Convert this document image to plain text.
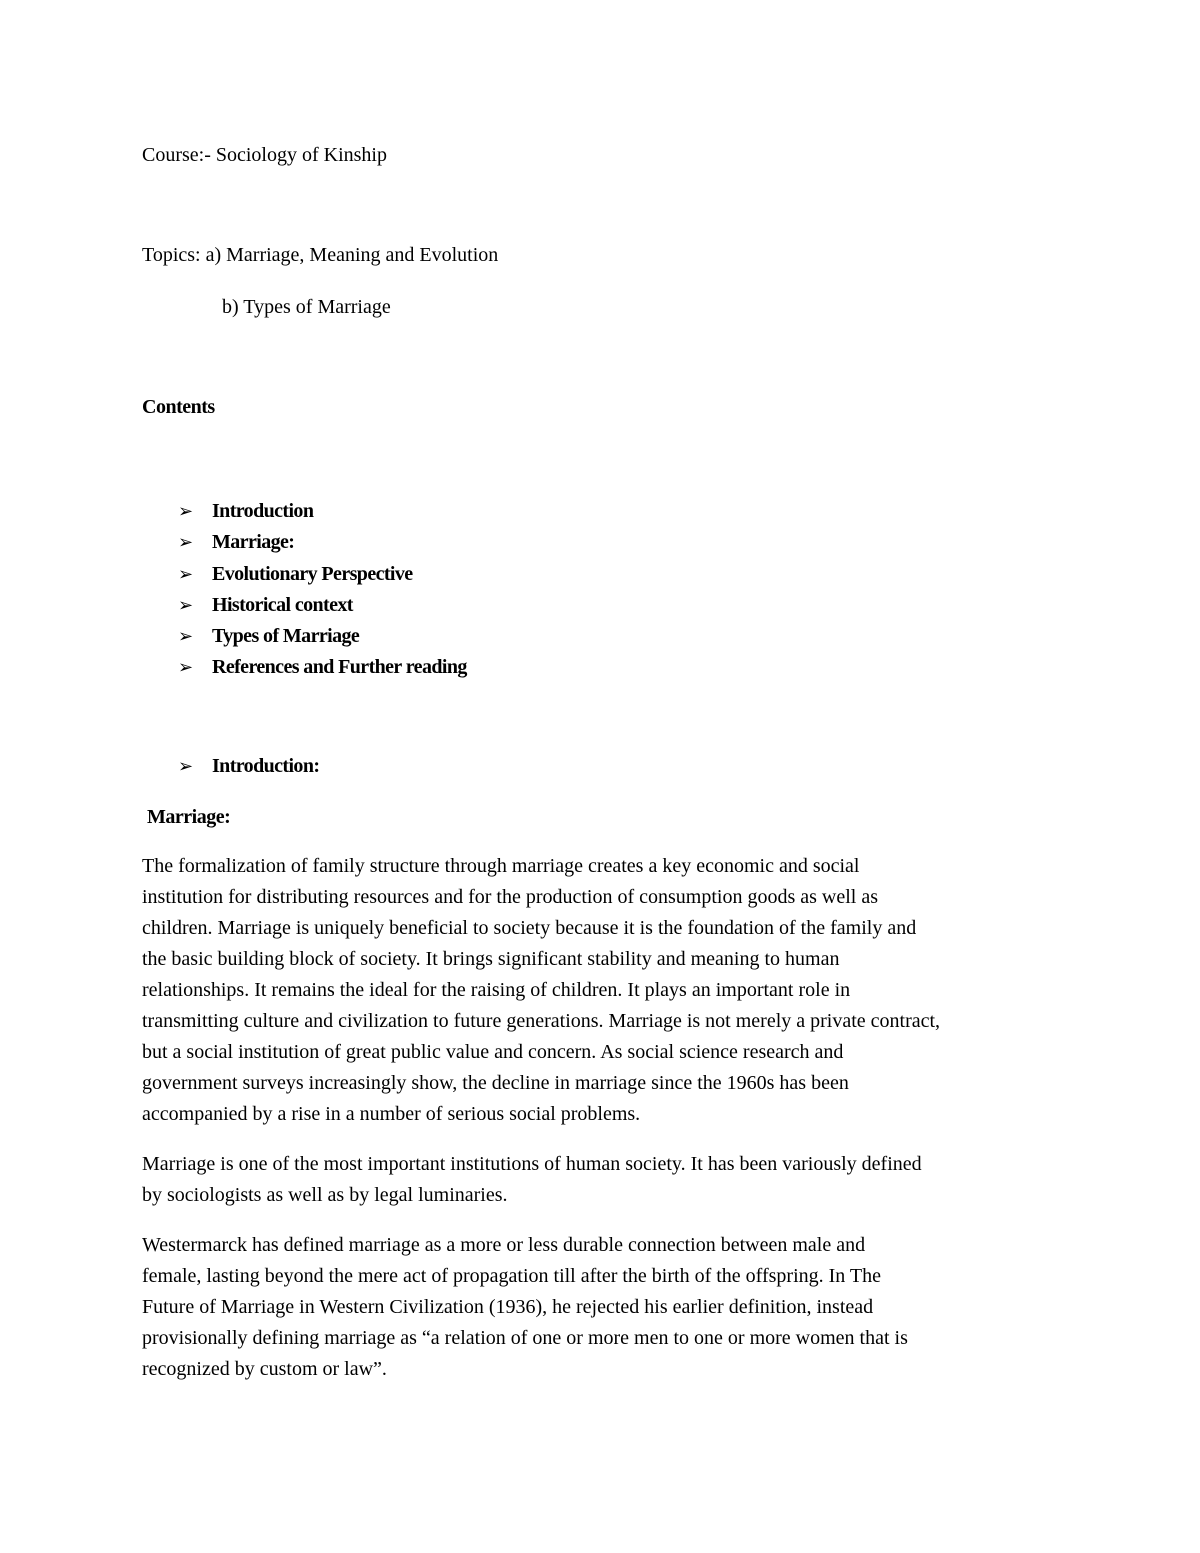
Course:- Sociology of Kinship
Topics: a) Marriage, Meaning and Evolution
b) Types of Marriage
Contents
➢ Introduction
➢ Marriage:
➢ Evolutionary Perspective
➢ Historical context
➢ Types of Marriage
➢ References and Further reading
➢ Introduction:
Marriage:

The formalization of family structure through marriage creates a key economic and social
institution for distributing resources and for the production of consumption goods as well as
children. Marriage is uniquely beneficial to society because it is the foundation of the family and
the basic building block of society. It brings significant stability and meaning to human
relationships. It remains the ideal for the raising of children. It plays an important role in
transmitting culture and civilization to future generations. Marriage is not merely a private contract,
but a social institution of great public value and concern. As social science research and
government surveys increasingly show, the decline in marriage since the 1960s has been
accompanied by a rise in a number of serious social problems.

Marriage is one of the most important institutions of human society. It has been variously defined
by sociologists as well as by legal luminaries.

Westermarck has defined marriage as a more or less durable connection between male and
female, lasting beyond the mere act of propagation till after the birth of the offspring. In The
Future of Marriage in Western Civilization (1936), he rejected his earlier definition, instead
provisionally defining marriage as “a relation of one or more men to one or more women that is
recognized by custom or law”.
